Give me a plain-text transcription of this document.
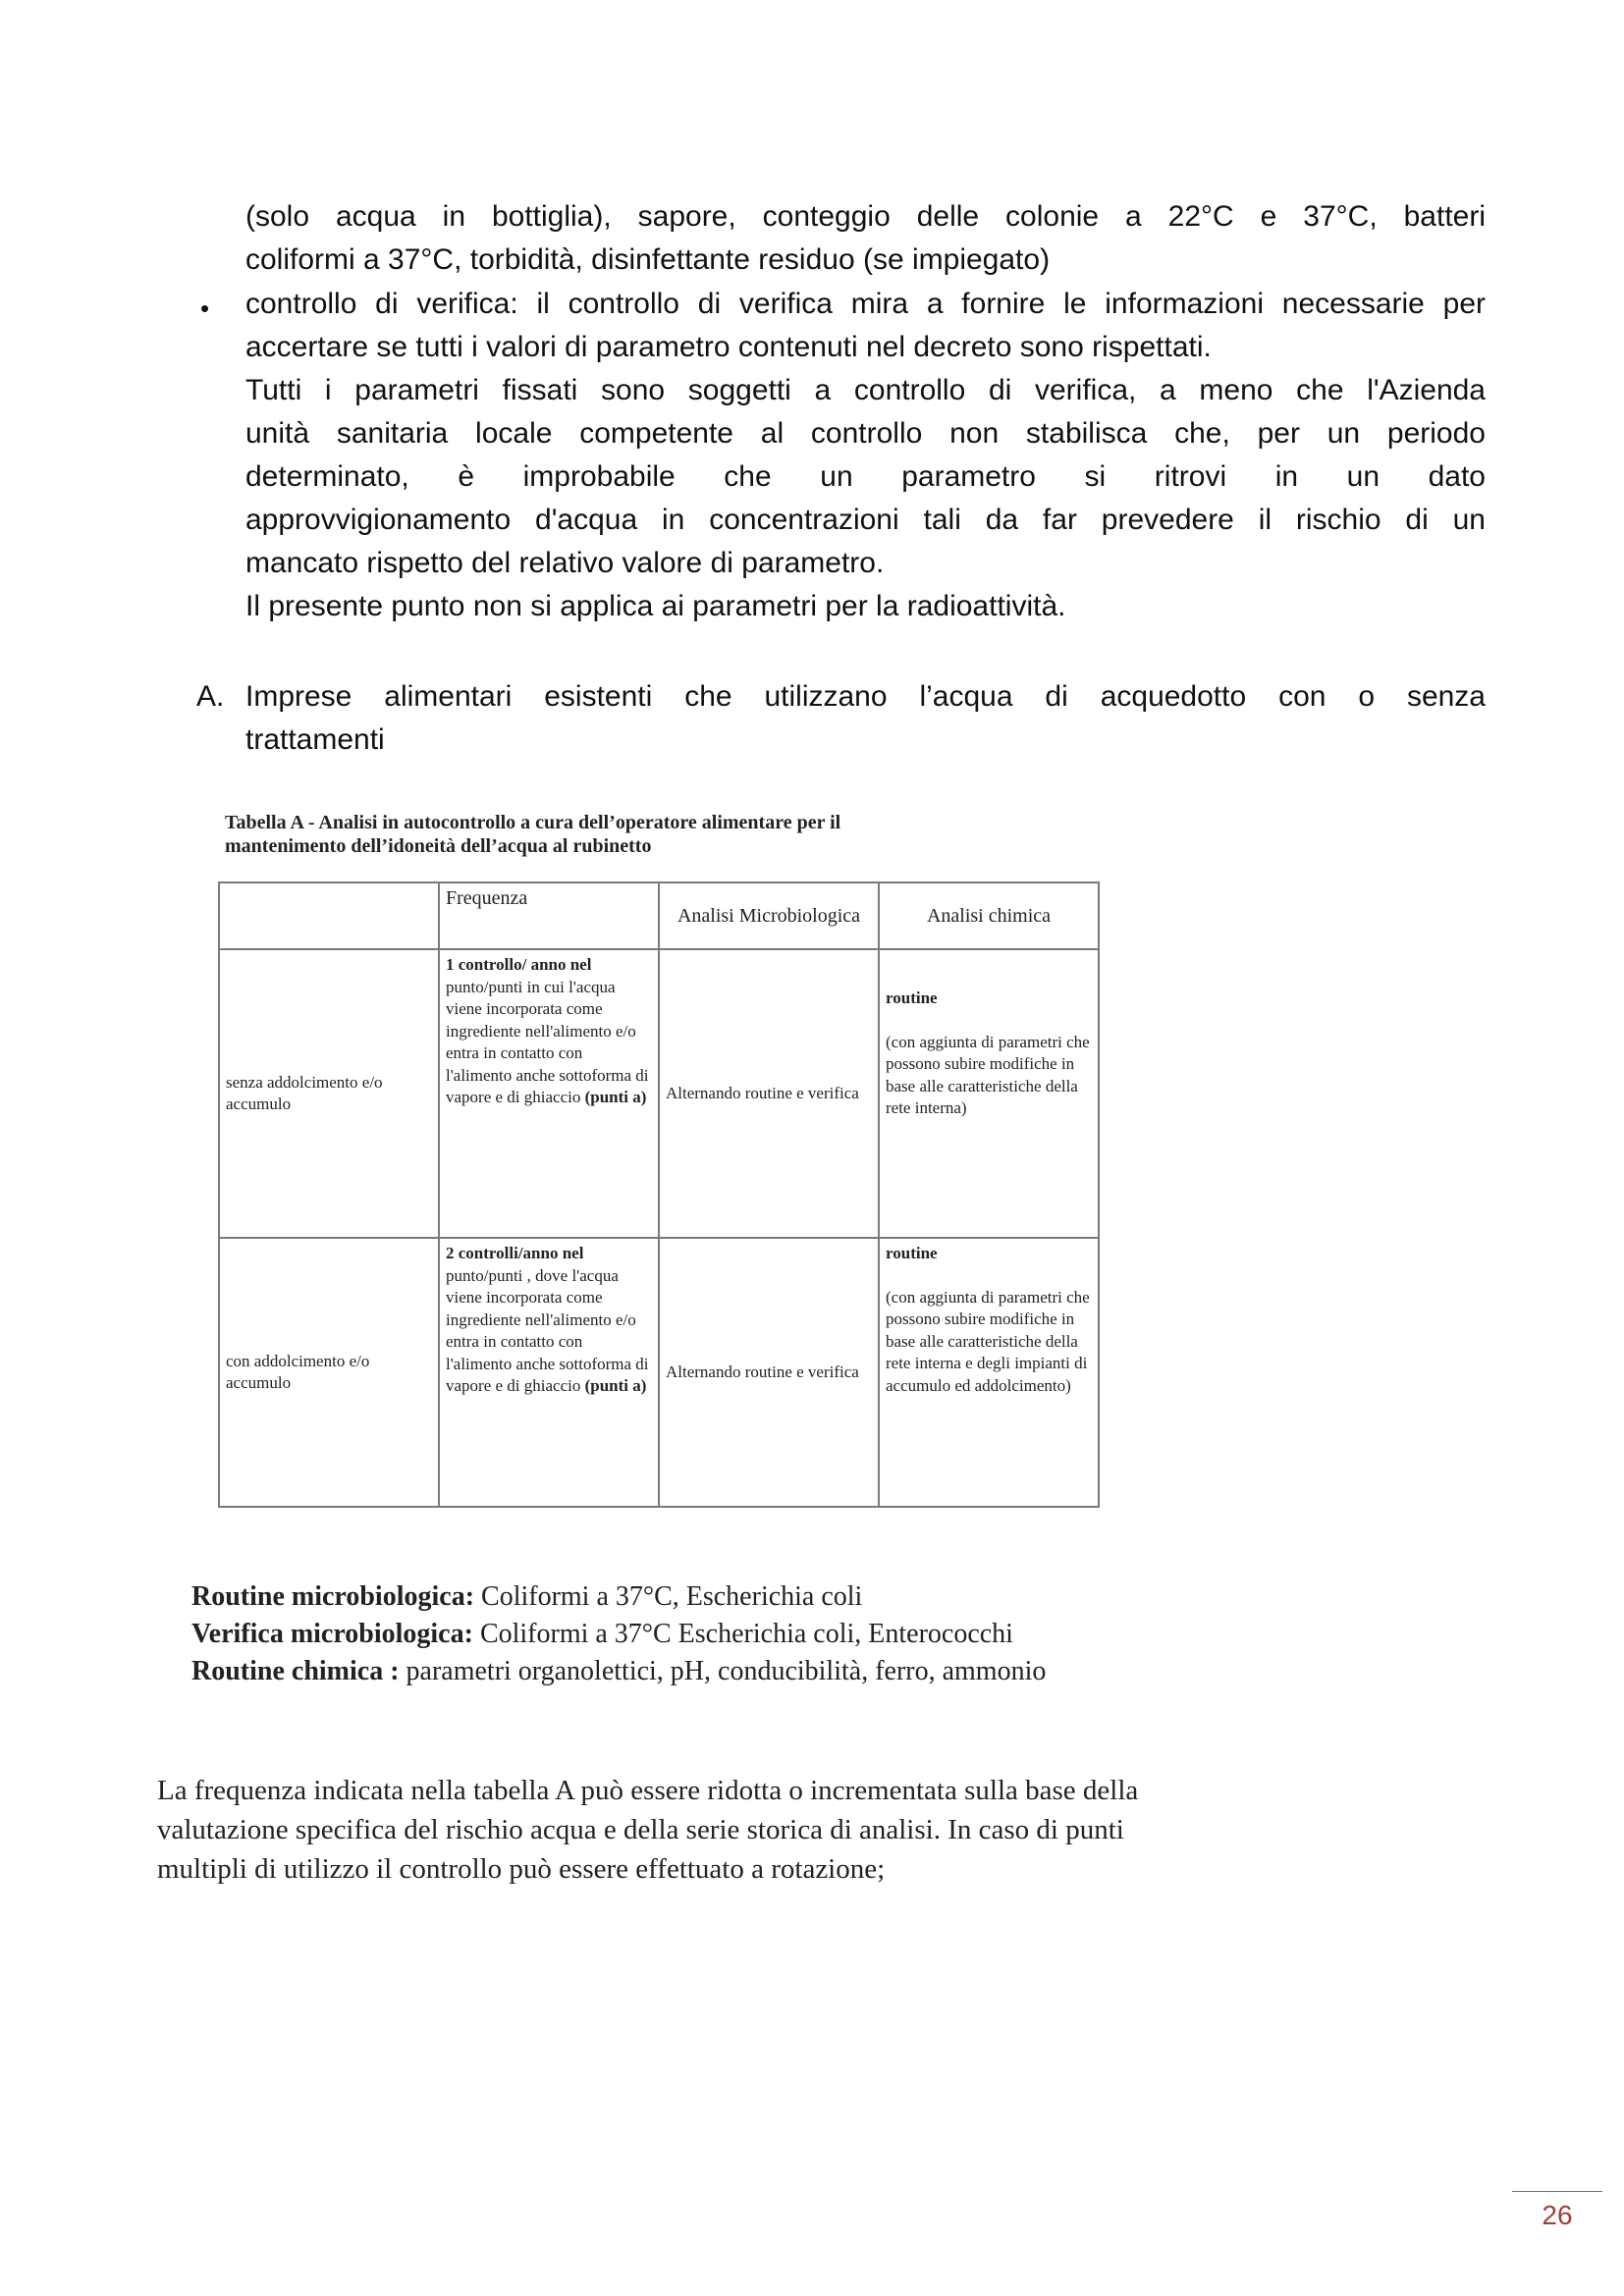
(solo acqua in bottiglia), sapore, conteggio delle colonie a 22°C e 37°C, batteri

coliformi a 37°C, torbidità, disinfettante residuo (se impiegato)

• controllo di verifica: il controllo di verifica mira a fornire le informazioni necessarie per

accertare se tutti i valori di parametro contenuti nel decreto sono rispettati.

Tutti i parametri fissati sono soggetti a controllo di verifica, a meno che l'Azienda

unità sanitaria locale competente al controllo non stabilisca che, per un periodo

determinato, è improbabile che un parametro si ritrovi in un dato

approvvigionamento d'acqua in concentrazioni tali da far prevedere il rischio di un

mancato rispetto del relativo valore di parametro.

Il presente punto non si applica ai parametri per la radioattività.

A. Imprese alimentari esistenti che utilizzano l’acqua di acquedotto con o senza

trattamenti

Tabella A - Analisi in autocontrollo a cura dell’operatore alimentare per il
mantenimento dell’idoneità dell’acqua al rubinetto
	Frequenza	Analisi Microbiologica	Analisi chimica
senza addolcimento e/o accumulo	1 controllo/ anno nel punto/punti in cui l'acqua viene incorporata come ingrediente nell'alimento e/o entra in contatto con l'alimento anche sottoforma di vapore e di ghiaccio (punti a)	Alternando routine e verifica	routine
(con aggiunta di parametri che possono subire modifiche in base alle caratteristiche della rete interna)

con addolcimento e/o accumulo	2 controlli/anno nel punto/punti , dove l'acqua viene incorporata come ingrediente nell'alimento e/o entra in contatto con l'alimento anche sottoforma di vapore e di ghiaccio (punti a)	Alternando routine e verifica	routine
(con aggiunta di parametri che possono subire modifiche in base alle caratteristiche della rete interna e degli impianti di accumulo ed addolcimento)
Routine microbiologica: Coliformi a 37°C, Escherichia coli
Verifica microbiologica: Coliformi a 37°C Escherichia coli, Enterococchi
Routine chimica : parametri organolettici, pH, conducibilità, ferro, ammonio
La frequenza indicata nella tabella A può essere ridotta o incrementata sulla base della
valutazione specifica del rischio acqua e della serie storica di analisi. In caso di punti
multipli di utilizzo il controllo può essere effettuato a rotazione;
26
